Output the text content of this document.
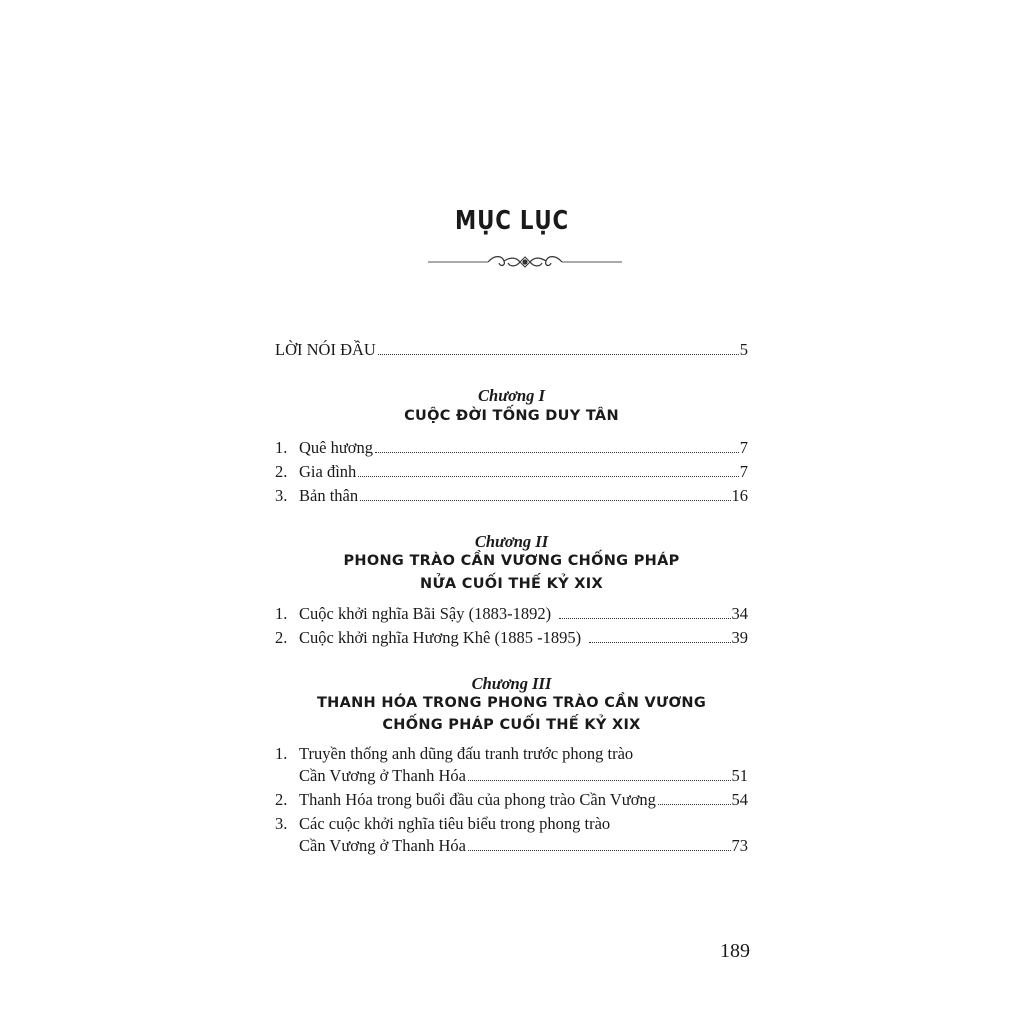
MỤC LỤC
LỜI NÓI ĐẦU	5
Chương I
CUỘC ĐỜI TỐNG DUY TÂN
1. Quê hương	7
2. Gia đình	7
3. Bản thân	16
Chương II
PHONG TRÀO CẦN VƯƠNG CHỐNG PHÁP
NỬA CUỐI THẾ KỶ XIX
1. Cuộc khởi nghĩa Bãi Sậy (1883-1892)	34
2. Cuộc khởi nghĩa Hương Khê (1885 -1895)	39
Chương III
THANH HÓA TRONG PHONG TRÀO CẦN VƯƠNG
CHỐNG PHÁP CUỐI THẾ KỶ XIX
1. Truyền thống anh dũng đấu tranh trước phong trào
Cần Vương ở Thanh Hóa	51
2. Thanh Hóa trong buổi đầu của phong trào Cần Vương	54
3. Các cuộc khởi nghĩa tiêu biểu trong phong trào
Cần Vương ở Thanh Hóa	73
189
